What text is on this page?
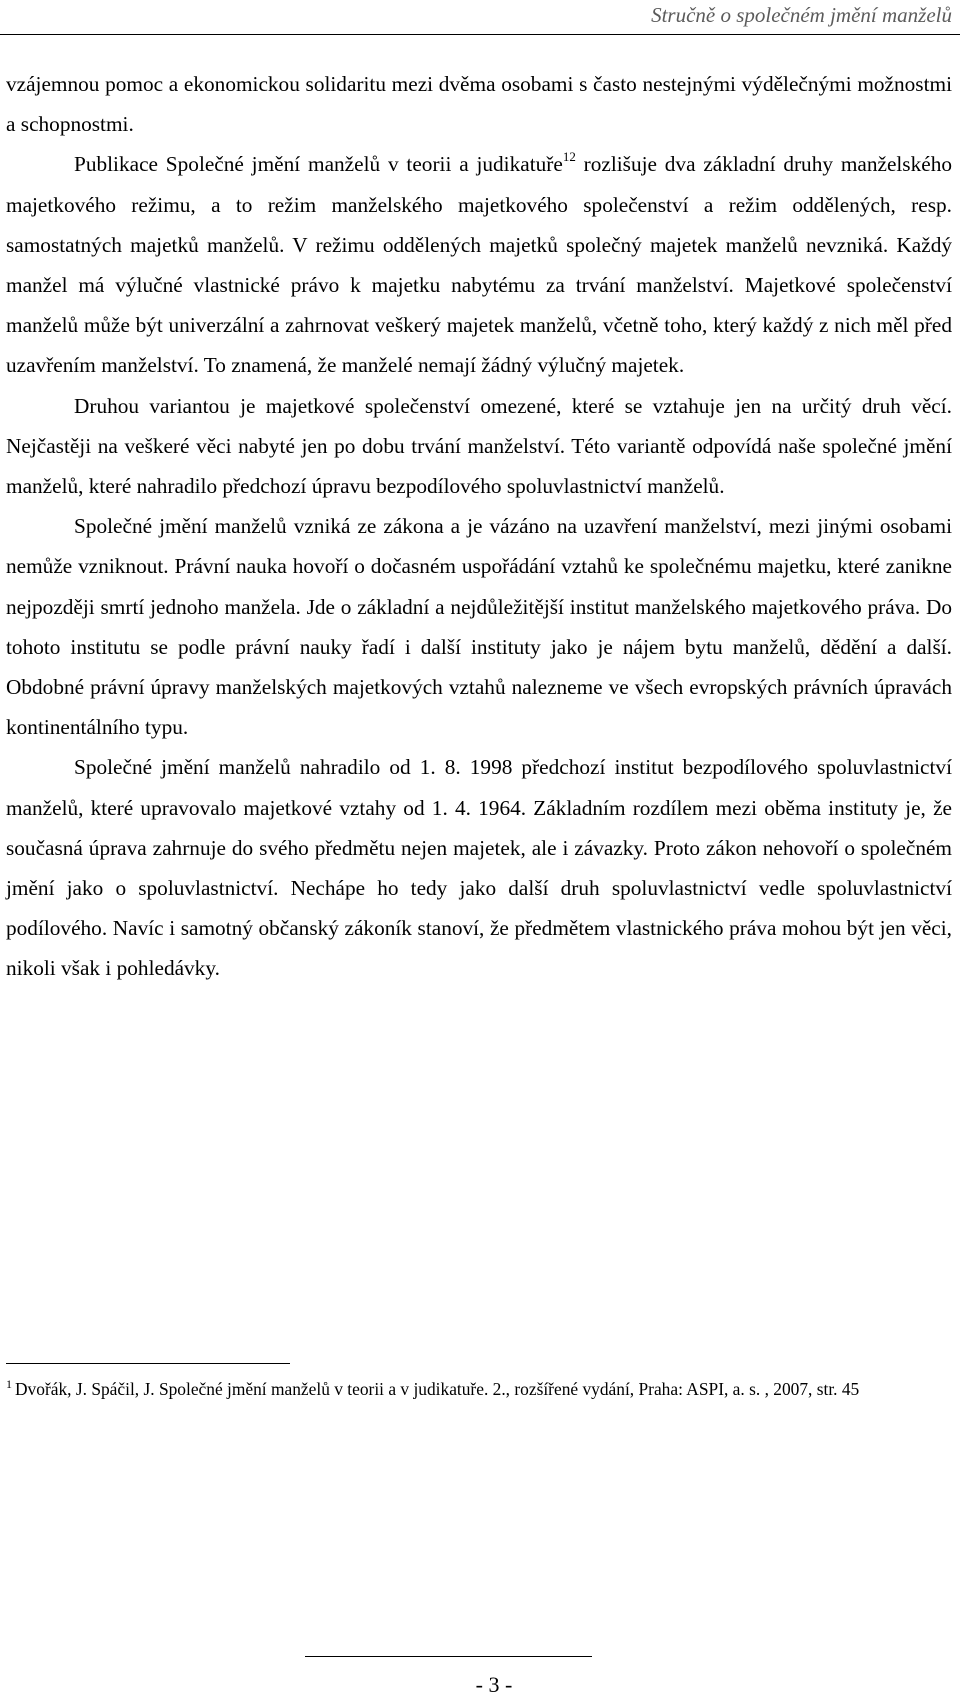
Stručně o společném jmění manželů

vzájemnou pomoc a ekonomickou solidaritu mezi dvěma osobami s často nestejnými výdělečnými možnostmi a schopnostmi.

Publikace Společné jmění manželů v teorii a judikatuře$^{12}$ rozlišuje dva základní druhy manželského majetkového režimu, a to režim manželského majetkového společenství a režim oddělených, resp. samostatných majetků manželů. V režimu oddělených majetků společný majetek manželů nevzniká. Každý manžel má výlučné vlastnické právo k majetku nabytému za trvání manželství. Majetkové společenství manželů může být univerzální a zahrnovat veškerý majetek manželů, včetně toho, který každý z nich měl před uzavřením manželství. To znamená, že manželé nemají žádný výlučný majetek.

Druhou variantou je majetkové společenství omezené, které se vztahuje jen na určitý druh věcí. Nejčastěji na veškeré věci nabyté jen po dobu trvání manželství. Této variantě odpovídá naše společné jmění manželů, které nahradilo předchozí úpravu bezpodílového spoluvlastnictví manželů.

Společné jmění manželů vzniká ze zákona a je vázáno na uzavření manželství, mezi jinými osobami nemůže vzniknout. Právní nauka hovoří o dočasném uspořádání vztahů ke společnému majetku, které zanikne nejpozději smrtí jednoho manžela. Jde o základní a nejdůležitější institut manželského majetkového práva. Do tohoto institutu se podle právní nauky řadí i další instituty jako je nájem bytu manželů, dědění a další. Obdobné právní úpravy manželských majetkových vztahů nalezneme ve všech evropských právních úpravách kontinentálního typu.

Společné jmění manželů nahradilo od 1. 8. 1998 předchozí institut bezpodílového spoluvlastnictví manželů, které upravovalo majetkové vztahy od 1. 4. 1964. Základním rozdílem mezi oběma instituty je, že současná úprava zahrnuje do svého předmětu nejen majetek, ale i závazky. Proto zákon nehovoří o společném jmění jako o spoluvlastnictví. Nechápe ho tedy jako další druh spoluvlastnictví vedle spoluvlastnictví podílového. Navíc i samotný občanský zákoník stanoví, že předmětem vlastnického práva mohou být jen věci, nikoli však i pohledávky.

$^1$ Dvořák, J. Spáčil, J. Společné jmění manželů v teorii a v judikatuře. 2., rozšířené vydání, Praha: ASPI, a. s. , 2007, str. 45
- 3 -
